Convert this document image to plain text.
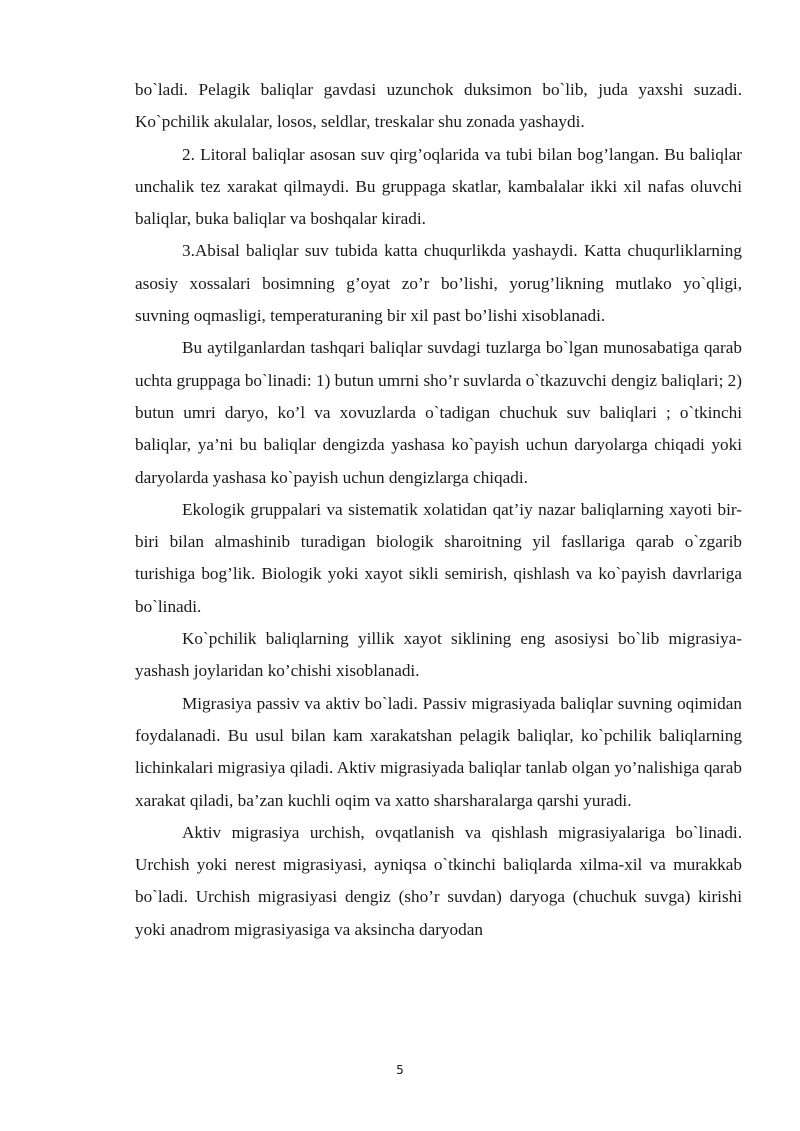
bo`ladi. Pelagik baliqlar gavdasi uzunchok duksimon bo`lib, juda yaxshi suzadi. Ko`pchilik akulalar, losos, seldlar, treskalar shu zonada yashaydi.

2. Litoral baliqlar asosan suv qirg’oqlarida va tubi bilan bog’langan. Bu baliqlar unchalik tez xarakat qilmaydi. Bu gruppaga skatlar, kambalalar ikki xil nafas oluvchi baliqlar, buka baliqlar va boshqalar kiradi.

3.Abisal baliqlar suv tubida katta chuqurlikda yashaydi. Katta chuqurliklarning asosiy xossalari bosimning g’oyat zo’r bo’lishi, yorug’likning mutlako yo`qligi, suvning oqmasligi, temperaturaning bir xil past bo’lishi xisoblanadi.

Bu aytilganlardan tashqari baliqlar suvdagi tuzlarga bo`lgan munosabatiga qarab uchta gruppaga bo`linadi: 1) butun umrni sho’r suvlarda o`tkazuvchi dengiz baliqlari; 2) butun umri daryo, ko’l va xovuzlarda o`tadigan chuchuk suv baliqlari ; o`tkinchi baliqlar, ya’ni bu baliqlar dengizda yashasa ko`payish uchun daryolarga chiqadi yoki daryolarda yashasa ko`payish uchun dengizlarga chiqadi.

Ekologik gruppalari va sistematik xolatidan qat’iy nazar baliqlarning xayoti bir-biri bilan almashinib turadigan biologik sharoitning yil fasllariga qarab o`zgarib turishiga bog’lik. Biologik yoki xayot sikli semirish, qishlash va ko`payish davrlariga bo`linadi.

Ko`pchilik baliqlarning yillik xayot siklining eng asosiysi bo`lib migrasiya- yashash joylaridan ko’chishi xisoblanadi.

Migrasiya passiv va aktiv bo`ladi. Passiv migrasiyada baliqlar suvning oqimidan foydalanadi. Bu usul bilan kam xarakatshan pelagik baliqlar, ko`pchilik baliqlarning lichinkalari migrasiya qiladi. Aktiv migrasiyada baliqlar tanlab olgan yo’nalishiga qarab xarakat qiladi, ba’zan kuchli oqim va xatto sharsharalarga qarshi yuradi.

Aktiv migrasiya urchish, ovqatlanish va qishlash migrasiyalariga bo`linadi. Urchish yoki nerest migrasiyasi, ayniqsa o`tkinchi baliqlarda xilma-xil va murakkab bo`ladi. Urchish migrasiyasi dengiz (sho’r suvdan) daryoga (chuchuk suvga) kirishi yoki anadrom migrasiyasiga va aksincha daryodan

5
